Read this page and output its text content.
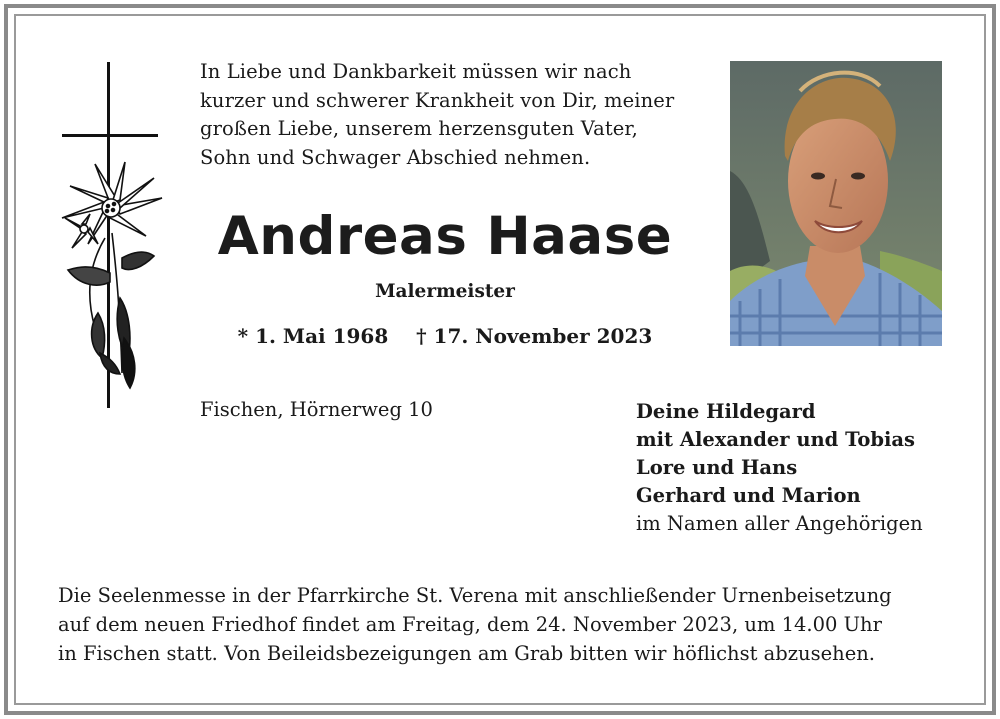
In Liebe und Dankbarkeit müssen wir nach

kurzer und schwerer Krankheit von Dir, meiner

großen Liebe, unserem herzensguten Vater,

Sohn und Schwager Abschied nehmen.

Andreas Haase
Malermeister
* 1. Mai 1968 † 17. November 2023
Fischen, Hörnerweg 10	Deine Hildegard
mit Alexander und Tobias
Lore und Hans
Gerhard und Marion
im Namen aller Angehörigen

Die Seelenmesse in der Pfarrkirche St. Verena mit anschließender Urnenbeisetzung

auf dem neuen Friedhof findet am Freitag, dem 24. November 2023, um 14.00 Uhr

in Fischen statt. Von Beileidsbezeigungen am Grab bitten wir höflichst abzusehen.
